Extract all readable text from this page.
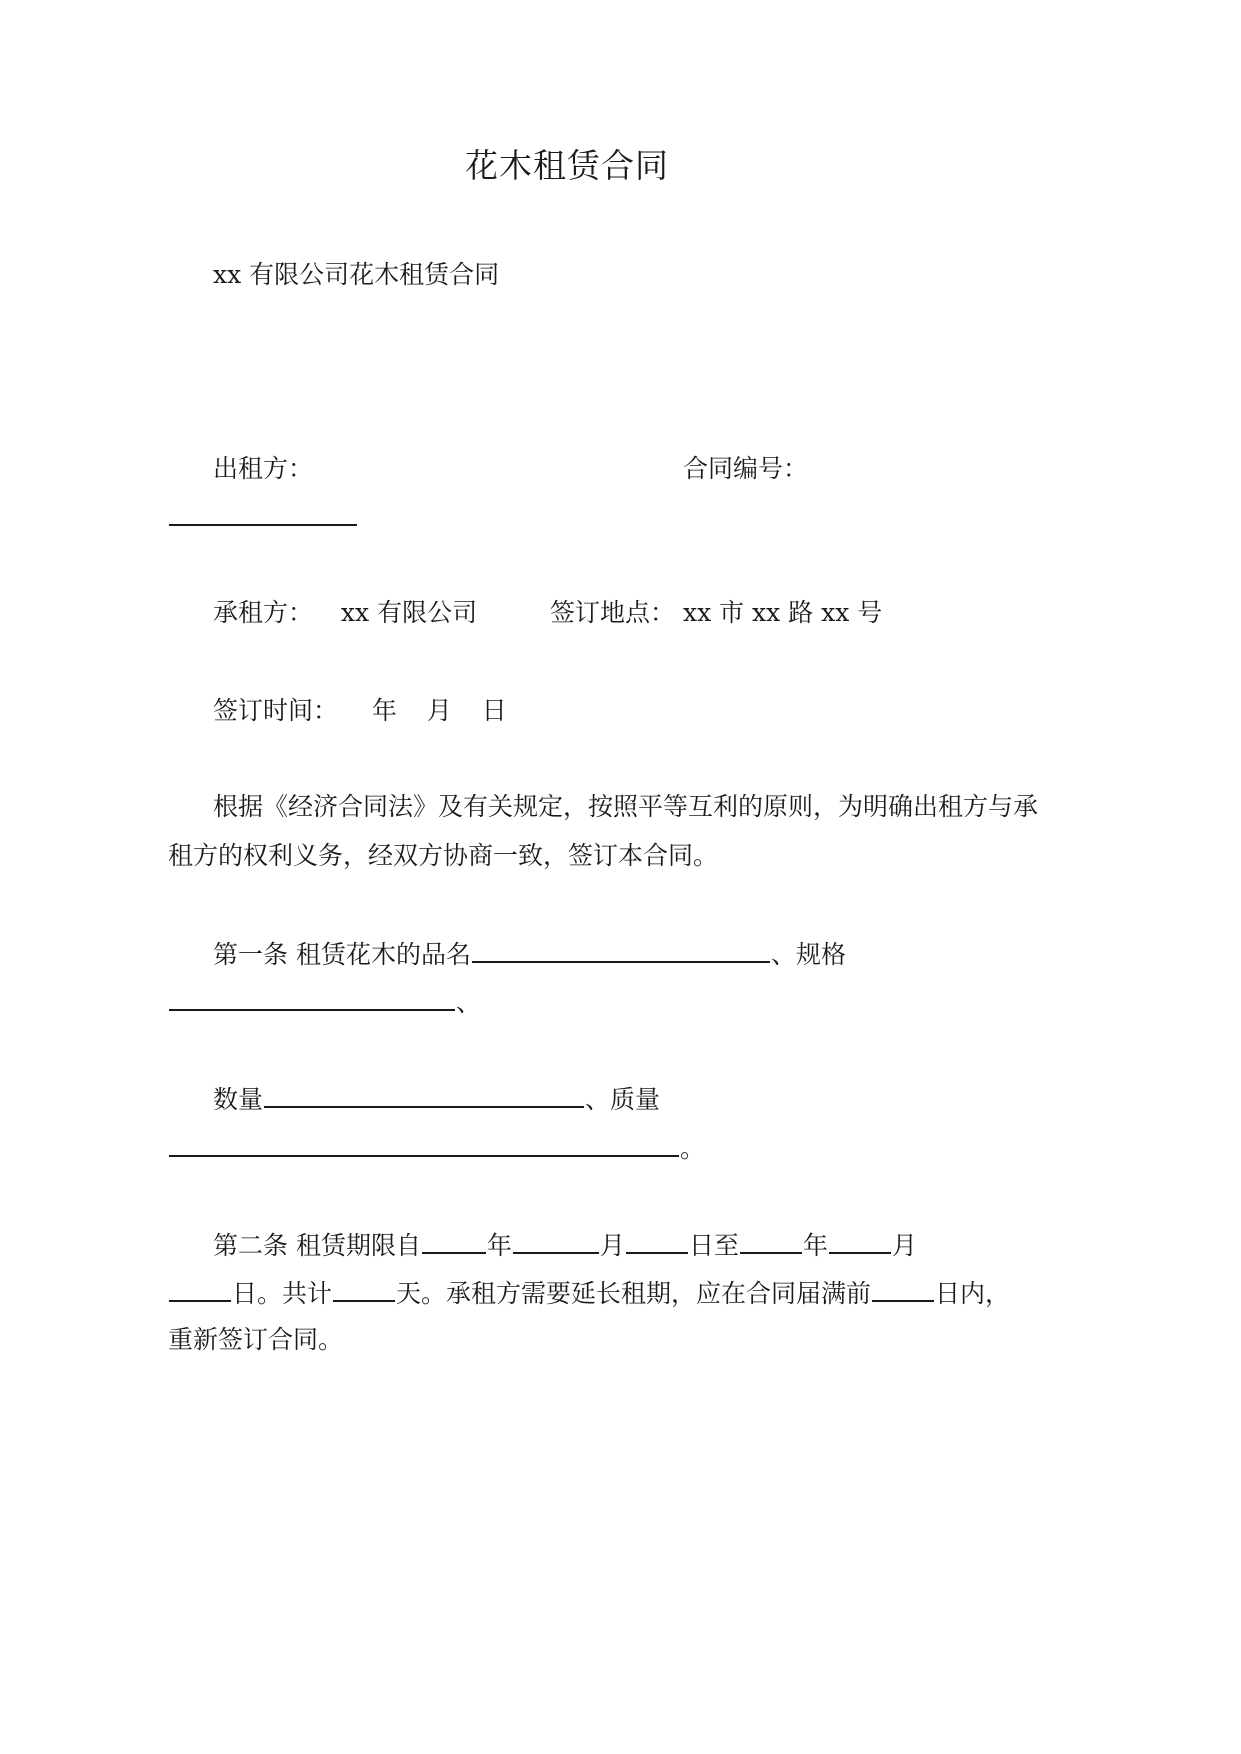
花木租赁合同
xx 有限公司花木租赁合同
出租方：	合同编号：
承租方： xx 有限公司	签订地点： xx 市 xx 路 xx 号
签订时间： 年 月 日
根据《经济合同法》及有关规定，按照平等互利的原则，为明确出租方与承
租方的权利义务，经双方协商一致，签订本合同。
第一条 租赁花木的品名	、规格
、
数量	、质量
。
第二条 租赁期限自	年	月	日至	年	月
日。共计	天。承租方需要延长租期，应在合同届满前	日内，
重新签订合同。
